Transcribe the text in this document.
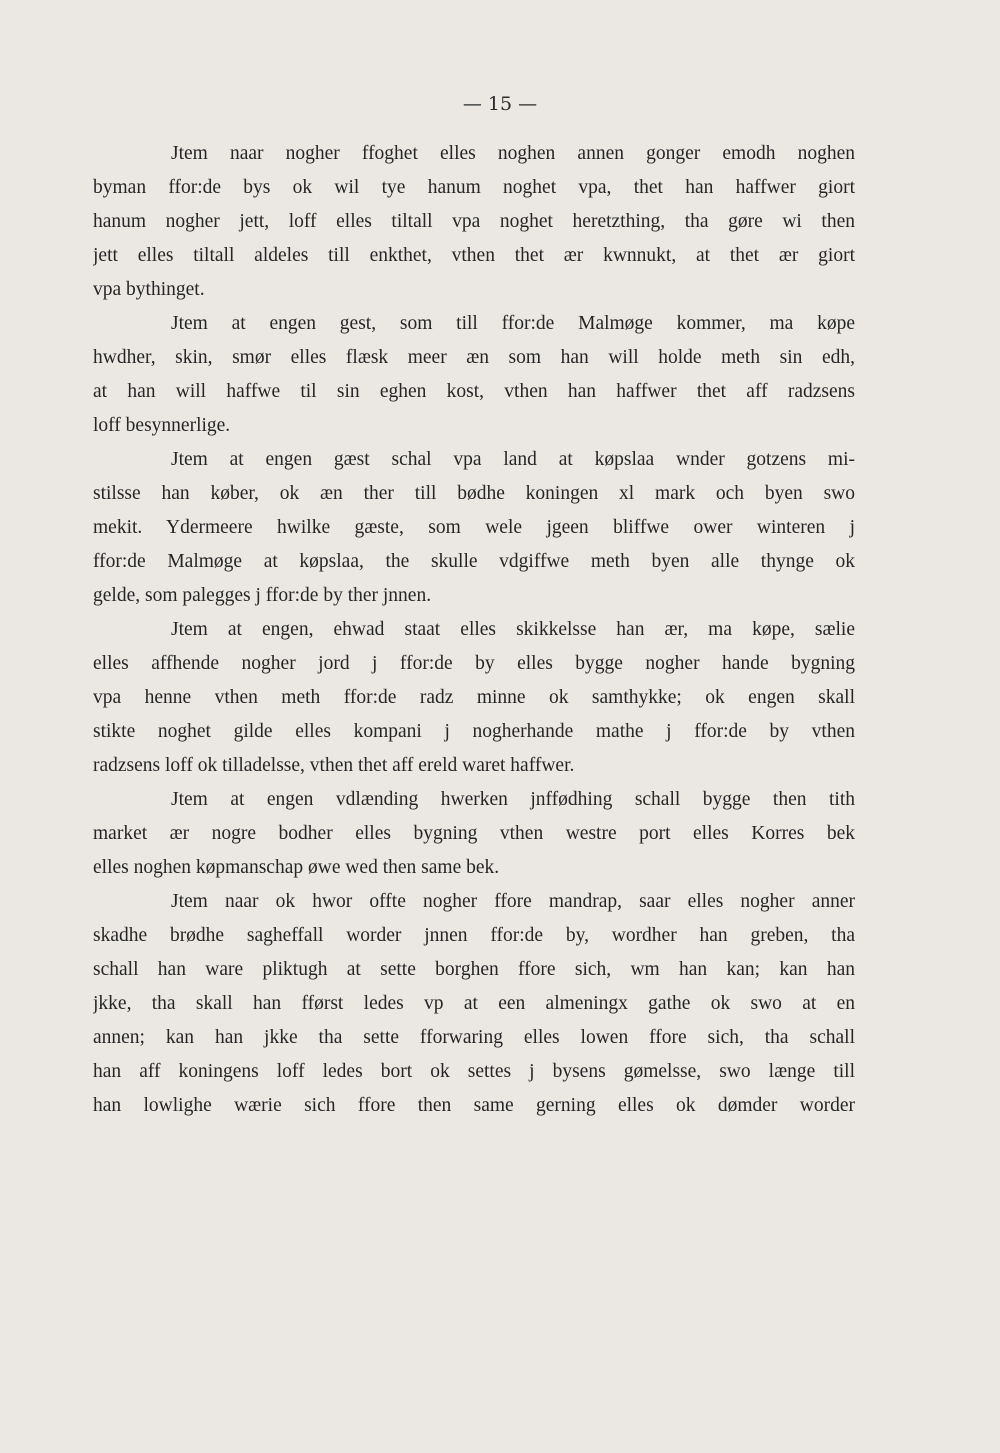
— 15 —
Jtem naar nogher ffoghet elles noghen annen gonger emodh noghen
byman ffor:de bys ok wil tye hanum noghet vpa, thet han haffwer giort
hanum nogher jett, loff elles tiltall vpa noghet heretzthing, tha gøre wi then
jett elles tiltall aldeles till enkthet, vthen thet ær kwnnukt, at thet ær giort
vpa bythinget.
Jtem at engen gest, som till ffor:de Malmøge kommer, ma køpe
hwdher, skin, smør elles flæsk meer æn som han will holde meth sin edh,
at han will haffwe til sin eghen kost, vthen han haffwer thet aff radzsens
loff besynnerlige.
Jtem at engen gæst schal vpa land at køpslaa wnder gotzens mi-
stilsse han køber, ok æn ther till bødhe koningen xl mark och byen swo
mekit. Ydermeere hwilke gæste, som wele jgeen bliffwe ower winteren j
ffor:de Malmøge at køpslaa, the skulle vdgiffwe meth byen alle thynge ok
gelde, som palegges j ffor:de by ther jnnen.
Jtem at engen, ehwad staat elles skikkelsse han ær, ma køpe, sælie
elles affhende nogher jord j ffor:de by elles bygge nogher hande bygning
vpa henne vthen meth ffor:de radz minne ok samthykke; ok engen skall
stikte noghet gilde elles kompani j nogherhande mathe j ffor:de by vthen
radzsens loff ok tilladelsse, vthen thet aff ereld waret haffwer.
Jtem at engen vdlænding hwerken jnffødhing schall bygge then tith
market ær nogre bodher elles bygning vthen westre port elles Korres bek
elles noghen køpmanschap øwe wed then same bek.
Jtem naar ok hwor offte nogher ffore mandrap, saar elles nogher anner
skadhe brødhe sagheffall worder jnnen ffor:de by, wordher han greben, tha
schall han ware pliktugh at sette borghen ffore sich, wm han kan; kan han
jkke, tha skall han fførst ledes vp at een almeningx gathe ok swo at en
annen; kan han jkke tha sette fforwaring elles lowen ffore sich, tha schall
han aff koningens loff ledes bort ok settes j bysens gømelsse, swo længe till
han lowlighe wærie sich ffore then same gerning elles ok dømder worder
